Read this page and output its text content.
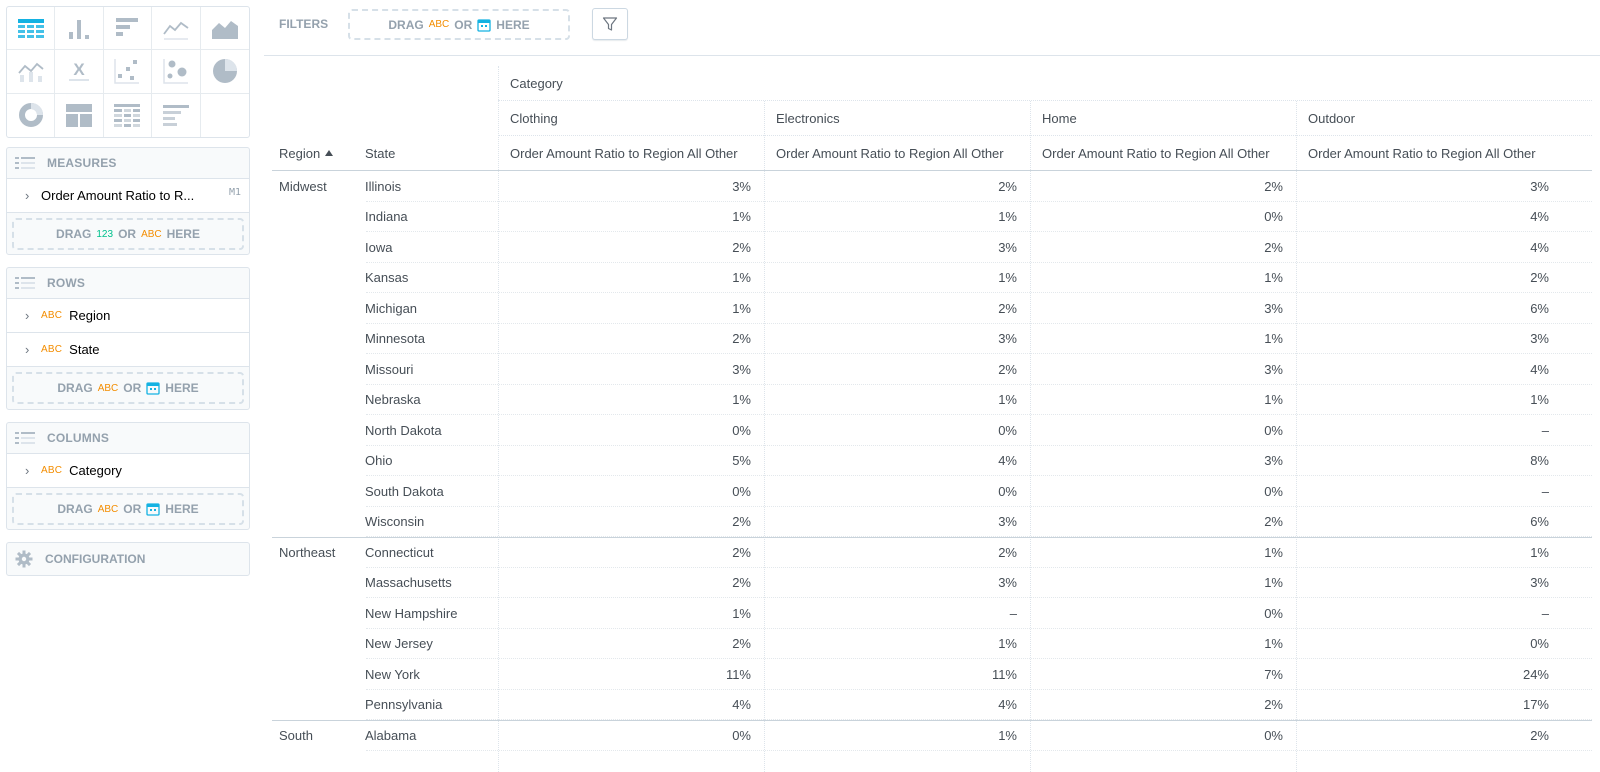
X
MEASURES
› Order Amount Ratio to R...	M1
DRAG 123 OR ABC HERE
ROWS
›	ABC Region
›	ABC State
DRAG ABC OR HERE
COLUMNS
›	ABC Category
DRAG ABC OR HERE
CONFIGURATION
FILTERS	DRAG ABC OR HERE
Category
Clothing	Electronics	Home	Outdoor
Region	State	Order Amount Ratio to Region All Other	Order Amount Ratio to Region All Other	Order Amount Ratio to Region All Other	Order Amount Ratio to Region All Other
Midwest	Illinois	3%	2%	2%	3%
Indiana	1%	1%	0%	4%
Iowa	2%	3%	2%	4%
Kansas	1%	1%	1%	2%
Michigan	1%	2%	3%	6%
Minnesota	2%	3%	1%	3%
Missouri	3%	2%	3%	4%
Nebraska	1%	1%	1%	1%
North Dakota	0%	0%	0%	–
Ohio	5%	4%	3%	8%
South Dakota	0%	0%	0%	–
Wisconsin	2%	3%	2%	6%
Northeast	Connecticut	2%	2%	1%	1%
Massachusetts	2%	3%	1%	3%
New Hampshire	1%	–	0%	–
New Jersey	2%	1%	1%	0%
New York	11%	11%	7%	24%
Pennsylvania	4%	4%	2%	17%
South	Alabama	0%	1%	0%	2%
